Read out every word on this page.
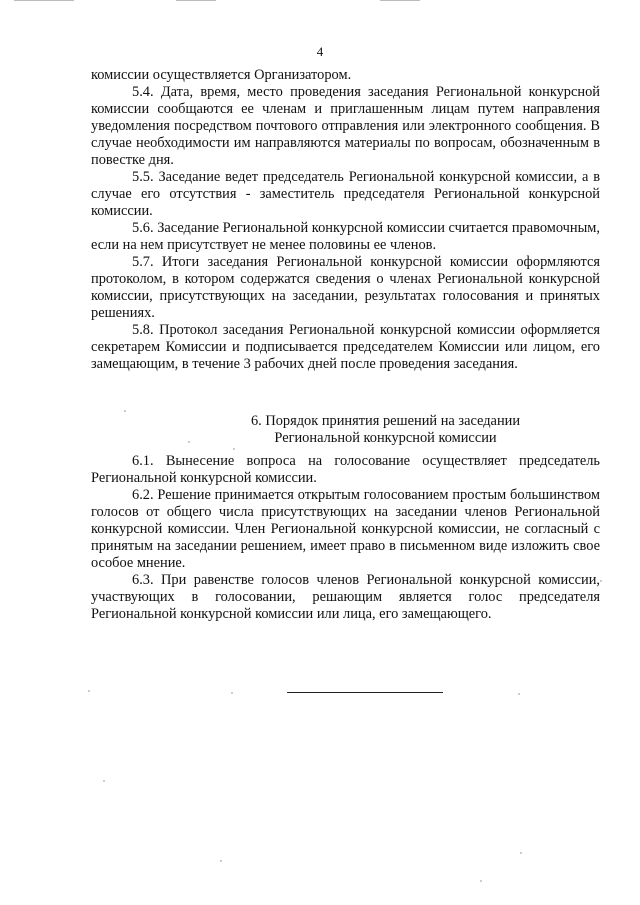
4

комиссии осуществляется Организатором.

5.4. Дата, время, место проведения заседания Региональной конкурсной комиссии сообщаются ее членам и приглашенным лицам путем направления уведомления посредством почтового отправления или электронного сообщения. В случае необходимости им направляются материалы по вопросам, обозначенным в повестке дня.

5.5. Заседание ведет председатель Региональной конкурсной комиссии, а в случае его отсутствия - заместитель председателя Региональной конкурсной комиссии.

5.6. Заседание Региональной конкурсной комиссии считается правомочным, если на нем присутствует не менее половины ее членов.

5.7. Итоги заседания Региональной конкурсной комиссии оформляются протоколом, в котором содержатся сведения о членах Региональной конкурсной комиссии, присутствующих на заседании, результатах голосования и принятых решениях.

5.8. Протокол заседания Региональной конкурсной комиссии оформляется секретарем Комиссии и подписывается председателем Комиссии или лицом, его замещающим, в течение 3 рабочих дней после проведения заседания.

6. Порядок принятия решений на заседании
Региональной конкурсной комиссии

6.1. Вынесение вопроса на голосование осуществляет председатель Региональной конкурсной комиссии.

6.2. Решение принимается открытым голосованием простым большинством голосов от общего числа присутствующих на заседании членов Региональной конкурсной комиссии. Член Региональной конкурсной комиссии, не согласный с принятым на заседании решением, имеет право в письменном виде изложить свое особое мнение.

6.3. При равенстве голосов членов Региональной конкурсной комиссии, участвующих в голосовании, решающим является голос председателя Региональной конкурсной комиссии или лица, его замещающего.
